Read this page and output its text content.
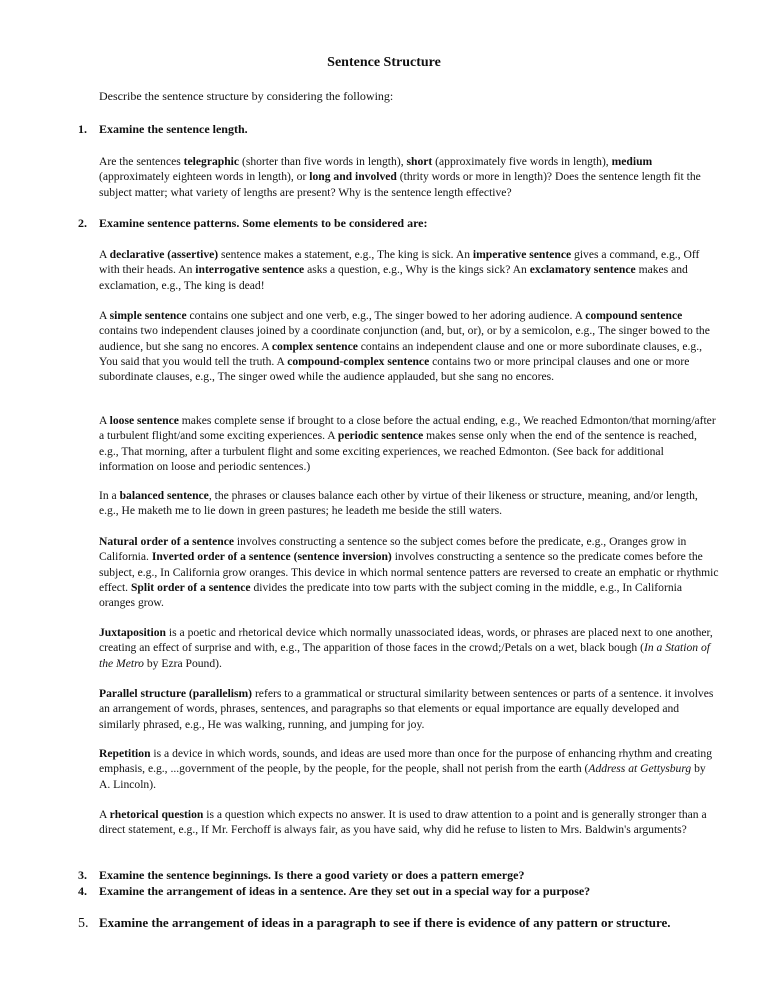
Sentence Structure
Describe the sentence structure by considering the following:
1. Examine the sentence length.
Are the sentences telegraphic (shorter than five words in length), short (approximately five words in length), medium (approximately eighteen words in length), or long and involved (thrity words or more in length)? Does the sentence length fit the subject matter; what variety of lengths are present? Why is the sentence length effective?
2. Examine sentence patterns. Some elements to be considered are:
A declarative (assertive) sentence makes a statement, e.g., The king is sick. An imperative sentence gives a command, e.g., Off with their heads. An interrogative sentence asks a question, e.g., Why is the kings sick? An exclamatory sentence makes and exclamation, e.g., The king is dead!
A simple sentence contains one subject and one verb, e.g., The singer bowed to her adoring audience. A compound sentence contains two independent clauses joined by a coordinate conjunction (and, but, or), or by a semicolon, e.g., The singer bowed to the audience, but she sang no encores. A complex sentence contains an independent clause and one or more subordinate clauses, e.g., You said that you would tell the truth. A compound-complex sentence contains two or more principal clauses and one or more subordinate clauses, e.g., The singer owed while the audience applauded, but she sang no encores.
A loose sentence makes complete sense if brought to a close before the actual ending, e.g., We reached Edmonton/that morning/after a turbulent flight/and some exciting experiences. A periodic sentence makes sense only when the end of the sentence is reached, e.g., That morning, after a turbulent flight and some exciting experiences, we reached Edmonton. (See back for additional information on loose and periodic sentences.)
In a balanced sentence, the phrases or clauses balance each other by virtue of their likeness or structure, meaning, and/or length, e.g., He maketh me to lie down in green pastures; he leadeth me beside the still waters.
Natural order of a sentence involves constructing a sentence so the subject comes before the predicate, e.g., Oranges grow in California. Inverted order of a sentence (sentence inversion) involves constructing a sentence so the predicate comes before the subject, e.g., In California grow oranges. This device in which normal sentence patters are reversed to create an emphatic or rhythmic effect. Split order of a sentence divides the predicate into tow parts with the subject coming in the middle, e.g., In California oranges grow.
Juxtaposition is a poetic and rhetorical device which normally unassociated ideas, words, or phrases are placed next to one another, creating an effect of surprise and with, e.g., The apparition of those faces in the crowd;/Petals on a wet, black bough (In a Station of the Metro by Ezra Pound).
Parallel structure (parallelism) refers to a grammatical or structural similarity between sentences or parts of a sentence. it involves an arrangement of words, phrases, sentences, and paragraphs so that elements or equal importance are equally developed and similarly phrased, e.g., He was walking, running, and jumping for joy.
Repetition is a device in which words, sounds, and ideas are used more than once for the purpose of enhancing rhythm and creating emphasis, e.g., ...government of the people, by the people, for the people, shall not perish from the earth (Address at Gettysburg by A. Lincoln).
A rhetorical question is a question which expects no answer. It is used to draw attention to a point and is generally stronger than a direct statement, e.g., If Mr. Ferchoff is always fair, as you have said, why did he refuse to listen to Mrs. Baldwin's arguments?
3. Examine the sentence beginnings. Is there a good variety or does a pattern emerge?
4. Examine the arrangement of ideas in a sentence. Are they set out in a special way for a purpose?
5. Examine the arrangement of ideas in a paragraph to see if there is evidence of any pattern or structure.
